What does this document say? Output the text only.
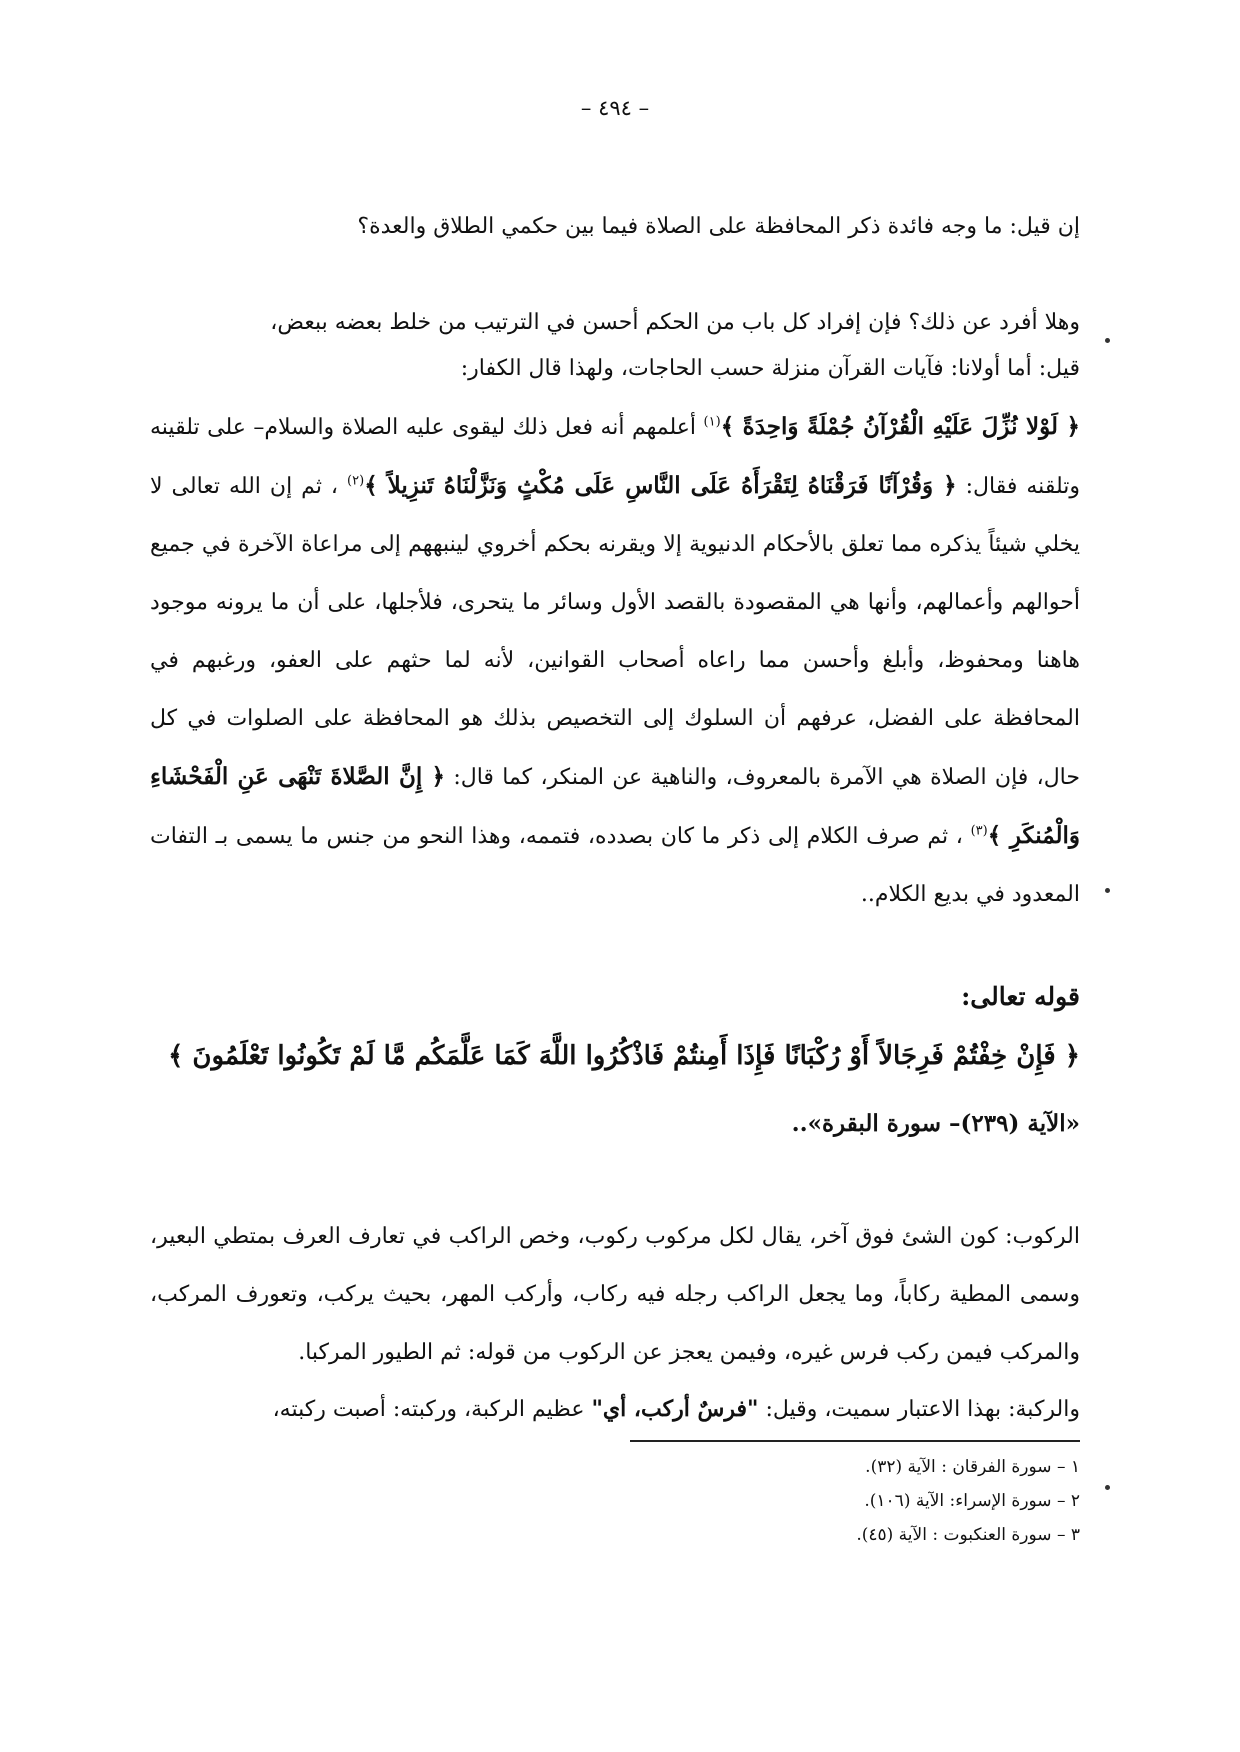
– ٤٩٤ –
إن قيل: ما وجه فائدة ذكر المحافظة على الصلاة فيما بين حكمي الطلاق والعدة؟
وهلا أفرد عن ذلك؟ فإن إفراد كل باب من الحكم أحسن في الترتيب من خلط بعضه ببعض،
قيل: أما أولانا: فآيات القرآن منزلة حسب الحاجات، ولهذا قال الكفار:
﴿ لَوْلا نُزِّلَ عَلَيْهِ الْقُرْآنُ جُمْلَةً وَاحِدَةً ﴾$^{(١)}$ أعلمهم أنه فعل ذلك ليقوى عليه الصلاة والسلام– على تلقينه وتلقنه فقال: ﴿ وَقُرْآنًا فَرَقْنَاهُ لِتَقْرَأَهُ عَلَى النَّاسِ عَلَى مُكْثٍ وَنَزَّلْنَاهُ تَنزِيلاً ﴾$^{(٢)}$ ، ثم إن الله تعالى لا يخلي شيئاً يذكره مما تعلق بالأحكام الدنيوية إلا ويقرنه بحكم أخروي لينبههم إلى مراعاة الآخرة في جميع أحوالهم وأعمالهم، وأنها هي المقصودة بالقصد الأول وسائر ما يتحرى، فلأجلها، على أن ما يرونه موجود هاهنا ومحفوظ، وأبلغ وأحسن مما راعاه أصحاب القوانين، لأنه لما حثهم على العفو، ورغبهم في المحافظة على الفضل، عرفهم أن السلوك إلى التخصيص بذلك هو المحافظة على الصلوات في كل حال، فإن الصلاة هي الآمرة بالمعروف، والناهية عن المنكر، كما قال: ﴿ إِنَّ الصَّلاةَ تَنْهَى عَنِ الْفَحْشَاءِ وَالْمُنكَرِ ﴾$^{(٣)}$ ، ثم صرف الكلام إلى ذكر ما كان بصدده، فتممه، وهذا النحو من جنس ما يسمى بـ التفات المعدود في بديع الكلام..
قوله تعالى:
﴿ فَإِنْ خِفْتُمْ فَرِجَالاً أَوْ رُكْبَانًا فَإِذَا أَمِنتُمْ فَاذْكُرُوا اللَّهَ كَمَا عَلَّمَكُم مَّا لَمْ تَكُونُوا تَعْلَمُونَ ﴾
«الآية (٢٣٩)– سورة البقرة»..
الركوب: كون الشئ فوق آخر، يقال لكل مركوب ركوب، وخص الراكب في تعارف العرف بمتطي البعير، وسمى المطية ركاباً، وما يجعل الراكب رجله فيه ركاب، وأركب المهر، بحيث يركب، وتعورف المركب، والمركب فيمن ركب فرس غيره، وفيمن يعجز عن الركوب من قوله: ثم الطيور المركبا.
والركبة: بهذا الاعتبار سميت، وقيل: "فرسٌ أركب، أي" عظيم الركبة، وركبته: أصبت ركبته،
١ – سورة الفرقان : الآية (٣٢).
٢ – سورة الإسراء: الآية (١٠٦).
٣ – سورة العنكبوت : الآية (٤٥).
